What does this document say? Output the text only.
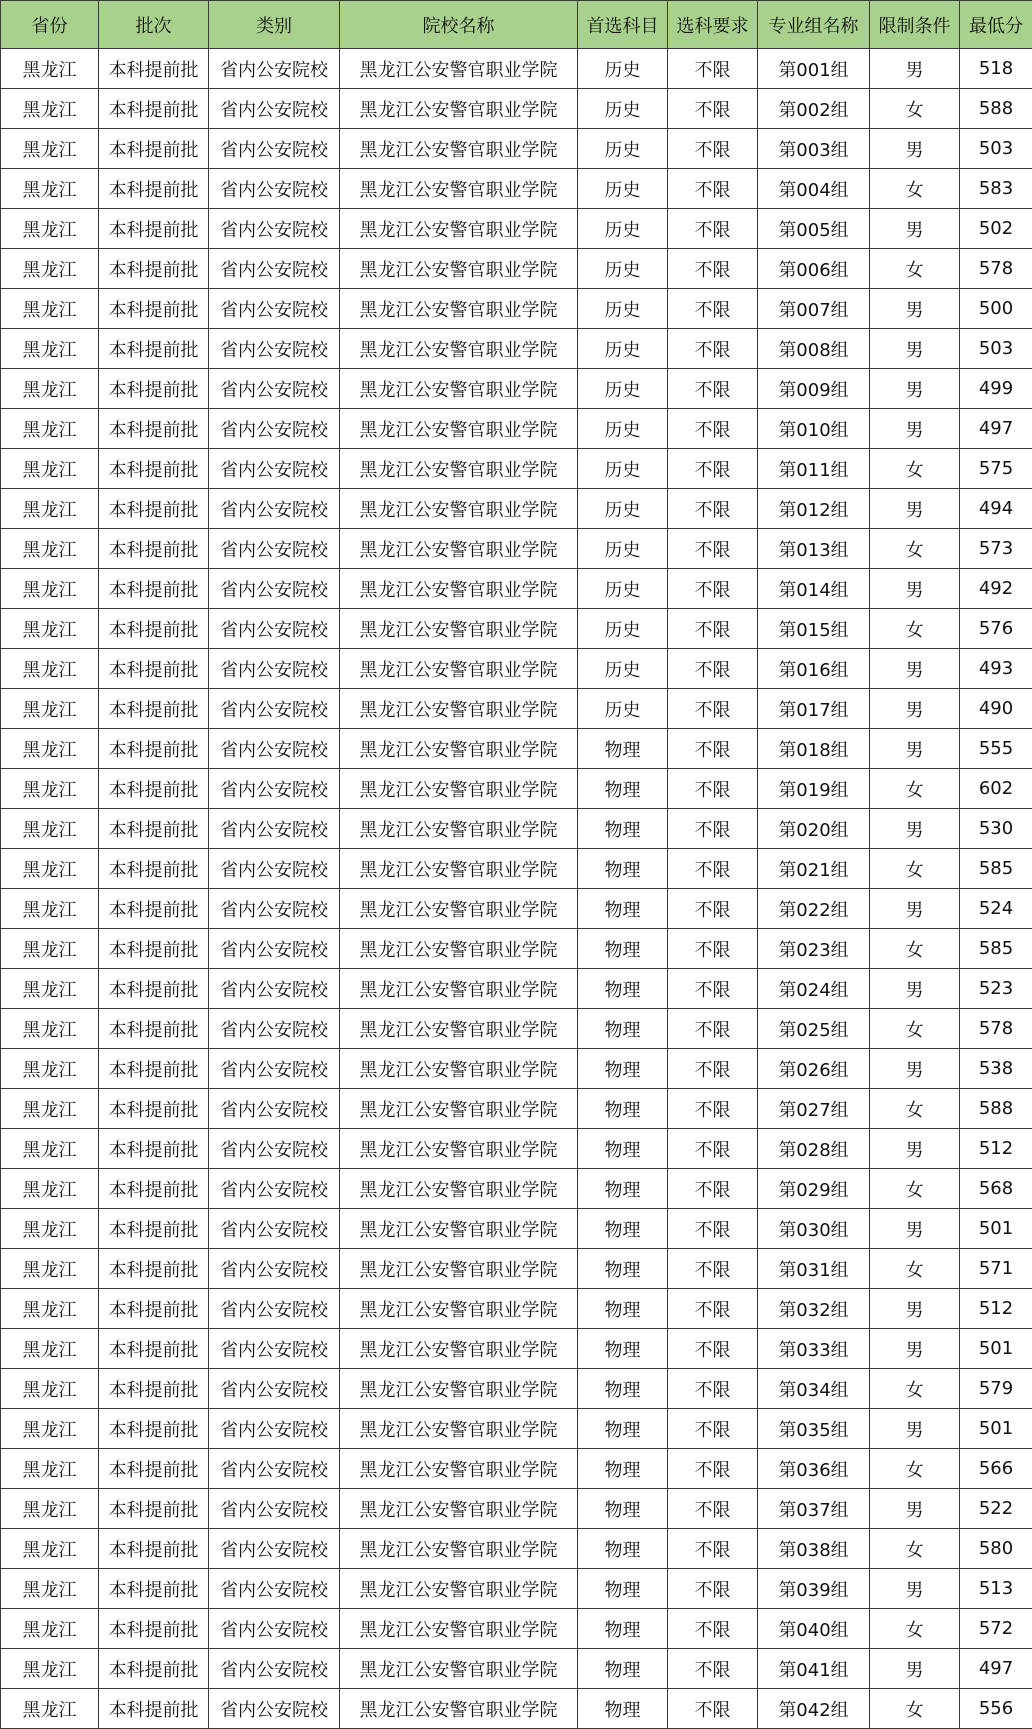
省份	批次	类别	院校名称	首选科目	选科要求	专业组名称	限制条件	最低分
黑龙江	本科提前批	省内公安院校	黑龙江公安警官职业学院	历史	不限	第001组	男	518
黑龙江	本科提前批	省内公安院校	黑龙江公安警官职业学院	历史	不限	第002组	女	588
黑龙江	本科提前批	省内公安院校	黑龙江公安警官职业学院	历史	不限	第003组	男	503
黑龙江	本科提前批	省内公安院校	黑龙江公安警官职业学院	历史	不限	第004组	女	583
黑龙江	本科提前批	省内公安院校	黑龙江公安警官职业学院	历史	不限	第005组	男	502
黑龙江	本科提前批	省内公安院校	黑龙江公安警官职业学院	历史	不限	第006组	女	578
黑龙江	本科提前批	省内公安院校	黑龙江公安警官职业学院	历史	不限	第007组	男	500
黑龙江	本科提前批	省内公安院校	黑龙江公安警官职业学院	历史	不限	第008组	男	503
黑龙江	本科提前批	省内公安院校	黑龙江公安警官职业学院	历史	不限	第009组	男	499
黑龙江	本科提前批	省内公安院校	黑龙江公安警官职业学院	历史	不限	第010组	男	497
黑龙江	本科提前批	省内公安院校	黑龙江公安警官职业学院	历史	不限	第011组	女	575
黑龙江	本科提前批	省内公安院校	黑龙江公安警官职业学院	历史	不限	第012组	男	494
黑龙江	本科提前批	省内公安院校	黑龙江公安警官职业学院	历史	不限	第013组	女	573
黑龙江	本科提前批	省内公安院校	黑龙江公安警官职业学院	历史	不限	第014组	男	492
黑龙江	本科提前批	省内公安院校	黑龙江公安警官职业学院	历史	不限	第015组	女	576
黑龙江	本科提前批	省内公安院校	黑龙江公安警官职业学院	历史	不限	第016组	男	493
黑龙江	本科提前批	省内公安院校	黑龙江公安警官职业学院	历史	不限	第017组	男	490
黑龙江	本科提前批	省内公安院校	黑龙江公安警官职业学院	物理	不限	第018组	男	555
黑龙江	本科提前批	省内公安院校	黑龙江公安警官职业学院	物理	不限	第019组	女	602
黑龙江	本科提前批	省内公安院校	黑龙江公安警官职业学院	物理	不限	第020组	男	530
黑龙江	本科提前批	省内公安院校	黑龙江公安警官职业学院	物理	不限	第021组	女	585
黑龙江	本科提前批	省内公安院校	黑龙江公安警官职业学院	物理	不限	第022组	男	524
黑龙江	本科提前批	省内公安院校	黑龙江公安警官职业学院	物理	不限	第023组	女	585
黑龙江	本科提前批	省内公安院校	黑龙江公安警官职业学院	物理	不限	第024组	男	523
黑龙江	本科提前批	省内公安院校	黑龙江公安警官职业学院	物理	不限	第025组	女	578
黑龙江	本科提前批	省内公安院校	黑龙江公安警官职业学院	物理	不限	第026组	男	538
黑龙江	本科提前批	省内公安院校	黑龙江公安警官职业学院	物理	不限	第027组	女	588
黑龙江	本科提前批	省内公安院校	黑龙江公安警官职业学院	物理	不限	第028组	男	512
黑龙江	本科提前批	省内公安院校	黑龙江公安警官职业学院	物理	不限	第029组	女	568
黑龙江	本科提前批	省内公安院校	黑龙江公安警官职业学院	物理	不限	第030组	男	501
黑龙江	本科提前批	省内公安院校	黑龙江公安警官职业学院	物理	不限	第031组	女	571
黑龙江	本科提前批	省内公安院校	黑龙江公安警官职业学院	物理	不限	第032组	男	512
黑龙江	本科提前批	省内公安院校	黑龙江公安警官职业学院	物理	不限	第033组	男	501
黑龙江	本科提前批	省内公安院校	黑龙江公安警官职业学院	物理	不限	第034组	女	579
黑龙江	本科提前批	省内公安院校	黑龙江公安警官职业学院	物理	不限	第035组	男	501
黑龙江	本科提前批	省内公安院校	黑龙江公安警官职业学院	物理	不限	第036组	女	566
黑龙江	本科提前批	省内公安院校	黑龙江公安警官职业学院	物理	不限	第037组	男	522
黑龙江	本科提前批	省内公安院校	黑龙江公安警官职业学院	物理	不限	第038组	女	580
黑龙江	本科提前批	省内公安院校	黑龙江公安警官职业学院	物理	不限	第039组	男	513
黑龙江	本科提前批	省内公安院校	黑龙江公安警官职业学院	物理	不限	第040组	女	572
黑龙江	本科提前批	省内公安院校	黑龙江公安警官职业学院	物理	不限	第041组	男	497
黑龙江	本科提前批	省内公安院校	黑龙江公安警官职业学院	物理	不限	第042组	女	556
